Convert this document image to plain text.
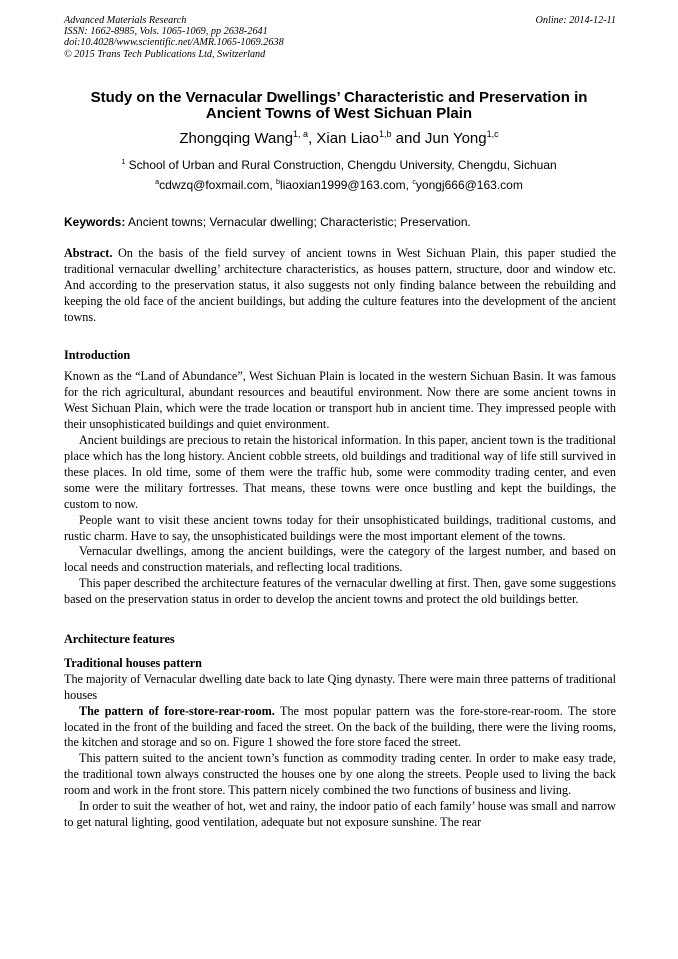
Advanced Materials Research
ISSN: 1662-8985, Vols. 1065-1069, pp 2638-2641
doi:10.4028/www.scientific.net/AMR.1065-1069.2638
© 2015 Trans Tech Publications Ltd, Switzerland
Online: 2014-12-11
Study on the Vernacular Dwellings’ Characteristic and Preservation in
Ancient Towns of West Sichuan Plain
Zhongqing Wang$^{1, a}$, Xian Liao$^{1,b}$ and Jun Yong$^{1,c}$
$^1$ School of Urban and Rural Construction, Chengdu University, Chengdu, Sichuan
$^a$cdwzq@foxmail.com, $^b$liaoxian1999@163.com, $^c$yongj666@163.com
Keywords: Ancient towns; Vernacular dwelling; Characteristic; Preservation.

Abstract. On the basis of the field survey of ancient towns in West Sichuan Plain, this paper studied the traditional vernacular dwelling’ architecture characteristics, as houses pattern, structure, door and window etc. And according to the preservation status, it also suggests not only finding balance between the rebuilding and keeping the old face of the ancient buildings, but adding the culture features into the development of the ancient towns.

Introduction

Known as the “Land of Abundance”, West Sichuan Plain is located in the western Sichuan Basin. It was famous for the rich agricultural, abundant resources and beautiful environment. Now there are some ancient towns in West Sichuan Plain, which were the trade location or transport hub in ancient time. They impressed people with their unsophisticated buildings and quiet environment.

Ancient buildings are precious to retain the historical information. In this paper, ancient town is the traditional place which has the long history. Ancient cobble streets, old buildings and traditional way of life still survived in these places. In old time, some of them were the traffic hub, some were commodity trading center, and even some were the military fortresses. That means, these towns were once bustling and kept the buildings, the custom to now.

People want to visit these ancient towns today for their unsophisticated buildings, traditional customs, and rustic charm. Have to say, the unsophisticated buildings were the most important element of the towns.

Vernacular dwellings, among the ancient buildings, were the category of the largest number, and based on local needs and construction materials, and reflecting local traditions.

This paper described the architecture features of the vernacular dwelling at first. Then, gave some suggestions based on the preservation status in order to develop the ancient towns and protect the old buildings better.

Architecture features
Traditional houses pattern

The majority of Vernacular dwelling date back to late Qing dynasty. There were main three patterns of traditional houses

The pattern of fore-store-rear-room. The most popular pattern was the fore-store-rear-room. The store located in the front of the building and faced the street. On the back of the building, there were the living rooms, the kitchen and storage and so on. Figure 1 showed the fore store faced the street.

This pattern suited to the ancient town’s function as commodity trading center. In order to make easy trade, the traditional town always constructed the houses one by one along the streets. People used to living the back room and work in the front store. This pattern nicely combined the two functions of business and living.

In order to suit the weather of hot, wet and rainy, the indoor patio of each family’ house was small and narrow to get natural lighting, good ventilation, adequate but not exposure sunshine. The rear
